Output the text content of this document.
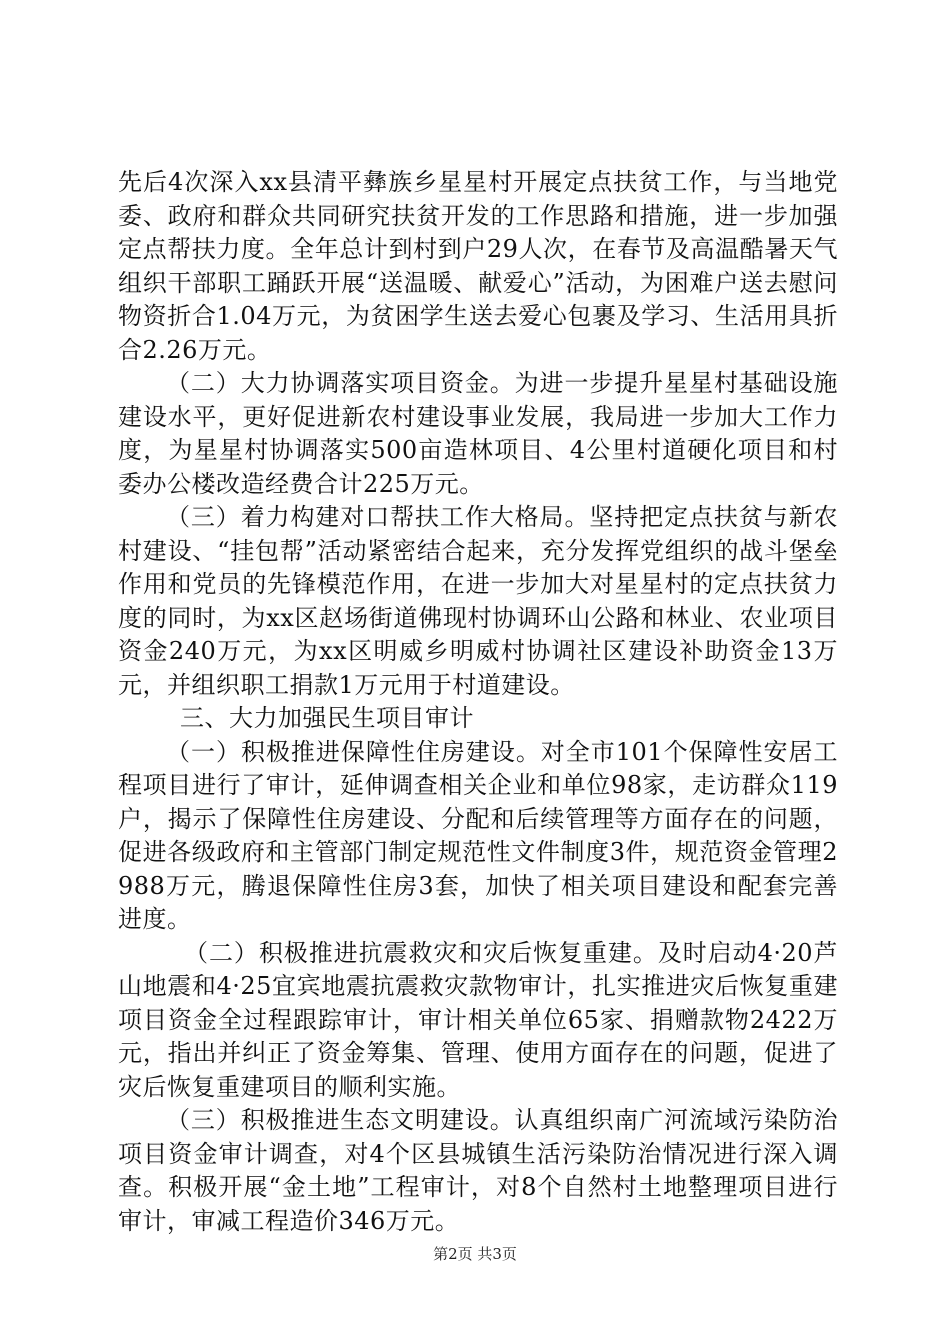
先后4次深入xx县清平彝族乡星星村开展定点扶贫工作，与当地党委、政府和群众共同研究扶贫开发的工作思路和措施，进一步加强定点帮扶力度。全年总计到村到户29人次，在春节及高温酷暑天气组织干部职工踊跃开展“送温暖、献爱心”活动，为困难户送去慰问物资折合1.04万元，为贫困学生送去爱心包裹及学习、生活用具折合2.26万元。

（二）大力协调落实项目资金。为进一步提升星星村基础设施建设水平，更好促进新农村建设事业发展，我局进一步加大工作力度，为星星村协调落实500亩造林项目、4公里村道硬化项目和村委办公楼改造经费合计225万元。

（三）着力构建对口帮扶工作大格局。坚持把定点扶贫与新农村建设、“挂包帮”活动紧密结合起来，充分发挥党组织的战斗堡垒作用和党员的先锋模范作用，在进一步加大对星星村的定点扶贫力度的同时，为xx区赵场街道佛现村协调环山公路和林业、农业项目资金240万元，为xx区明威乡明威村协调社区建设补助资金13万元，并组织职工捐款1万元用于村道建设。

三、大力加强民生项目审计

（一）积极推进保障性住房建设。对全市101个保障性安居工程项目进行了审计，延伸调查相关企业和单位98家，走访群众119户，揭示了保障性住房建设、分配和后续管理等方面存在的问题，促进各级政府和主管部门制定规范性文件制度3件，规范资金管理2988万元，腾退保障性住房3套，加快了相关项目建设和配套完善进度。

（二）积极推进抗震救灾和灾后恢复重建。及时启动4·20芦山地震和4·25宜宾地震抗震救灾款物审计，扎实推进灾后恢复重建项目资金全过程跟踪审计，审计相关单位65家、捐赠款物2422万元，指出并纠正了资金筹集、管理、使用方面存在的问题，促进了灾后恢复重建项目的顺利实施。

（三）积极推进生态文明建设。认真组织南广河流域污染防治项目资金审计调查，对4个区县城镇生活污染防治情况进行深入调查。积极开展“金土地”工程审计，对8个自然村土地整理项目进行审计，审减工程造价346万元。

第2页 共3页
